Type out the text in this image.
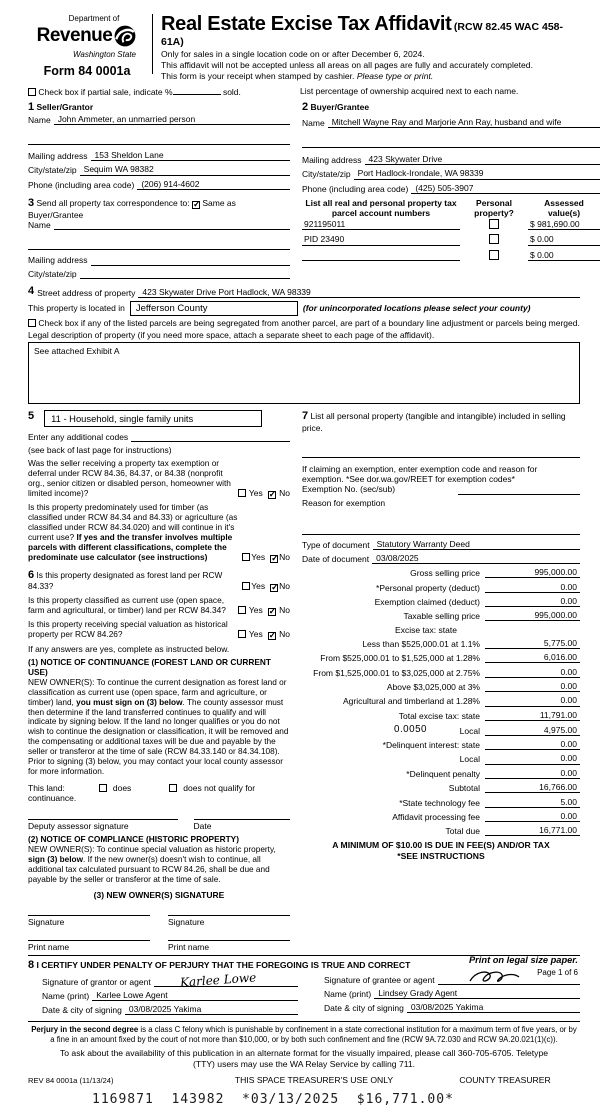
Department of
Revenue
Washington State
Form 84 0001a
Real Estate Excise Tax Affidavit (RCW 82.45 WAC 458-61A)
Only for sales in a single location code on or after December 6, 2024.
This affidavit will not be accepted unless all areas on all pages are fully and accurately completed.
This form is your receipt when stamped by cashier. Please type or print.
Check box if partial sale, indicate %	sold.	List percentage of ownership acquired next to each name.
1 Seller/Grantor
Name John Ammeter, an unmarried person
Mailing address 153 Sheldon Lane
City/state/zip Sequim WA 98382
Phone (including area code) (206) 914-4602
3 Send all property tax correspondence to: ✓ Same as Buyer/Grantee
Name
Mailing address
City/state/zip
2 Buyer/Grantee
Name Mitchell Wayne Ray and Marjorie Ann Ray, husband and wife
Mailing address 423 Skywater Drive
City/state/zip Port Hadlock-Irondale, WA 98339
Phone (including area code) (425) 505-3907
List all real and personal property tax parcel account numbers
Personal property?
Assessed value(s)
921195011	$ 981,690.00
PID 23490	$ 0.00
$ 0.00
4 Street address of property 423 Skywater Drive Port Hadlock, WA 98339
This property is located in	Jefferson County	(for unincorporated locations please select your county)
Check box if any of the listed parcels are being segregated from another parcel, are part of a boundary line adjustment or parcels being merged.
Legal description of property (if you need more space, attach a separate sheet to each page of the affidavit).
See attached Exhibit A
5	11 - Household, single family units
Enter any additional codes
(see back of last page for instructions)
Was the seller receiving a property tax exemption or deferral under RCW 84.36, 84.37, or 84.38 (nonprofit org., senior citizen or disabled person, homeowner with limited income)?	Yes ✓ No
Is this property predominately used for timber (as classified under RCW 84.34 and 84.33) or agriculture (as classified under RCW 84.34.020) and will continue in it's current use? If yes and the transfer involves multiple parcels with different classifications, complete the predominate use calculator (see instructions)	Yes ✓ No
6 Is this property designated as forest land per RCW 84.33?	Yes ✓ No
Is this property classified as current use (open space, farm and agricultural, or timber) land per RCW 84.34?	Yes ✓ No
Is this property receiving special valuation as historical property per RCW 84.26?	Yes ✓ No
If any answers are yes, complete as instructed below.
(1) NOTICE OF CONTINUANCE (FOREST LAND OR CURRENT USE)
NEW OWNER(S): To continue the current designation as forest land or classification as current use (open space, farm and agriculture, or timber) land, you must sign on (3) below. The county assessor must then determine if the land transferred continues to qualify and will indicate by signing below. If the land no longer qualifies or you do not wish to continue the designation or classification, it will be removed and the compensating or additional taxes will be due and payable by the seller or transferor at the time of sale (RCW 84.33.140 or 84.34.108). Prior to signing (3) below, you may contact your local county assessor for more information.
This land:	does	does not qualify for
continuance.
Deputy assessor signature	Date
(2) NOTICE OF COMPLIANCE (HISTORIC PROPERTY)
NEW OWNER(S): To continue special valuation as historic property, sign (3) below. If the new owner(s) doesn't wish to continue, all additional tax calculated pursuant to RCW 84.26, shall be due and payable by the seller or transferor at the time of sale.
(3) NEW OWNER(S) SIGNATURE
Signature	Signature
Print name	Print name
7 List all personal property (tangible and intangible) included in selling price.
If claiming an exemption, enter exemption code and reason for exemption. *See dor.wa.gov/REET for exemption codes*
Exemption No. (sec/sub)
Reason for exemption
Type of document Statutory Warranty Deed
Date of document 03/08/2025
Gross selling price	995,000.00
*Personal property (deduct)	0.00
Exemption claimed (deduct)	0.00
Taxable selling price	995,000.00
Excise tax: state
Less than $525,000.01 at 1.1%	5,775.00
From $525,000.01 to $1,525,000 at 1.28%	6,016.00
From $1,525,000.01 to $3,025,000 at 2.75%	0.00
Above $3,025,000 at 3%	0.00
Agricultural and timberland at 1.28%	0.00
Total excise tax: state	11,791.00
0.0050	Local	4,975.00
*Delinquent interest: state	0.00
Local	0.00
*Delinquent penalty	0.00
Subtotal	16,766.00
*State technology fee	5.00
Affidavit processing fee	0.00
Total due	16,771.00
A MINIMUM OF $10.00 IS DUE IN FEE(S) AND/OR TAX
*SEE INSTRUCTIONS
8 I CERTIFY UNDER PENALTY OF PERJURY THAT THE FOREGOING IS TRUE AND CORRECT
Signature of grantor or agent	Karlee Lowe
Name (print) Karlee Lowe Agent
Date & city of signing 03/08/2025 Yakima
Signature of grantee or agent
Name (print) Lindsey Grady Agent
Date & city of signing 03/08/2025 Yakima
Perjury in the second degree is a class C felony which is punishable by confinement in a state correctional institution for a maximum term of five years, or by a fine in an amount fixed by the court of not more than $10,000, or by both such confinement and fine (RCW 9A.72.030 and RCW 9A.20.021(1)(c)).
To ask about the availability of this publication in an alternate format for the visually impaired, please call 360-705-6705. Teletype (TTY) users may use the WA Relay Service by calling 711.
REV 84 0001a (11/13/24)	THIS SPACE TREASURER'S USE ONLY	COUNTY TREASURER
1169871  143982  *03/13/2025  $16,771.00*
Print on legal size paper.
Page 1 of 6
